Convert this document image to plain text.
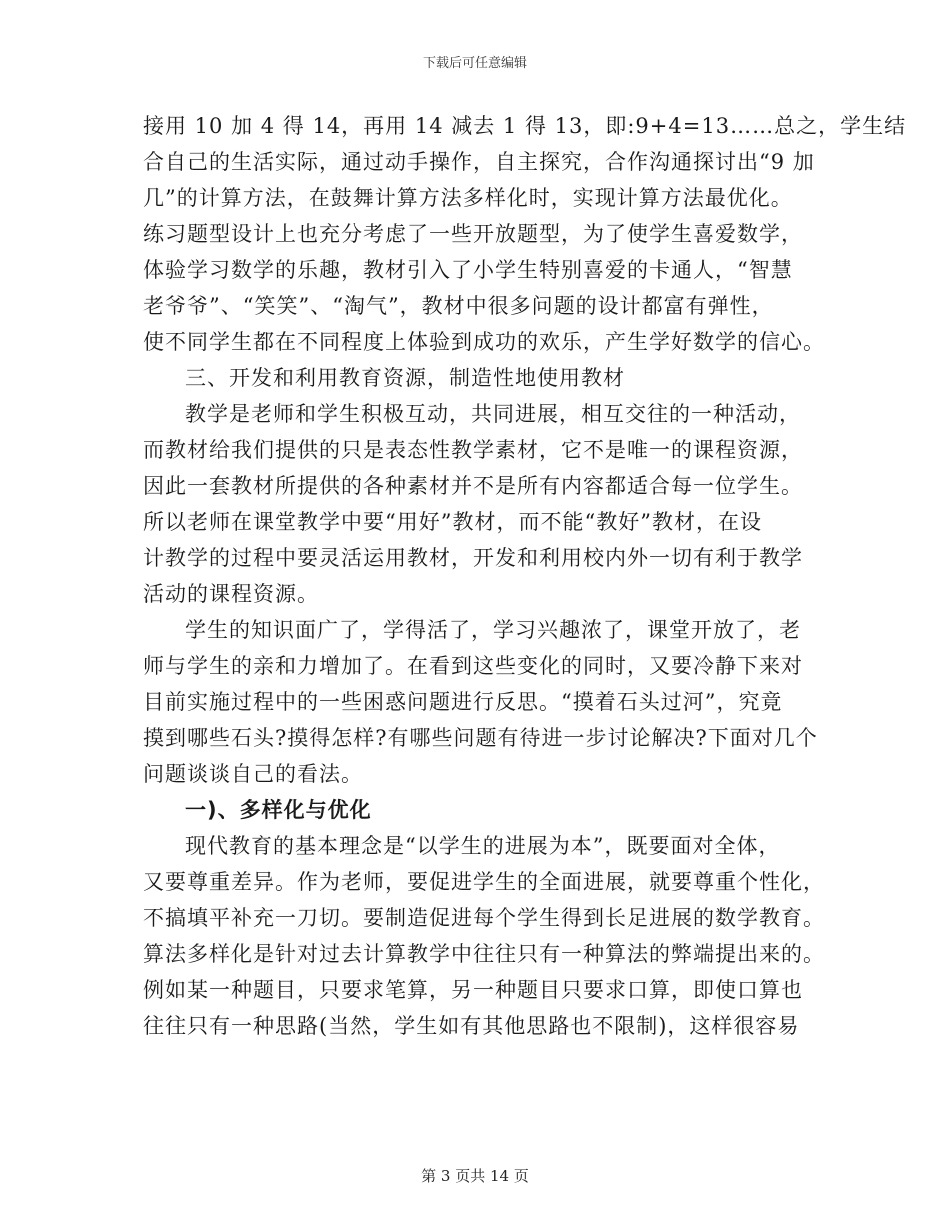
下载后可任意编辑
接用 10 加 4 得 14，再用 14 减去 1 得 13，即:9+4=13……总之，学生结
合自己的生活实际，通过动手操作，自主探究，合作沟通探讨出“9 加
几”的计算方法，在鼓舞计算方法多样化时，实现计算方法最优化。
练习题型设计上也充分考虑了一些开放题型，为了使学生喜爱数学，
体验学习数学的乐趣，教材引入了小学生特别喜爱的卡通人，“智慧
老爷爷”、“笑笑”、“淘气”，教材中很多问题的设计都富有弹性，
使不同学生都在不同程度上体验到成功的欢乐，产生学好数学的信心。
三、开发和利用教育资源，制造性地使用教材
教学是老师和学生积极互动，共同进展，相互交往的一种活动，
而教材给我们提供的只是表态性教学素材，它不是唯一的课程资源，
因此一套教材所提供的各种素材并不是所有内容都适合每一位学生。
所以老师在课堂教学中要“用好”教材，而不能“教好”教材，在设
计教学的过程中要灵活运用教材，开发和利用校内外一切有利于教学
活动的课程资源。
学生的知识面广了，学得活了，学习兴趣浓了，课堂开放了，老
师与学生的亲和力增加了。在看到这些变化的同时，又要冷静下来对
目前实施过程中的一些困惑问题进行反思。“摸着石头过河”，究竟
摸到哪些石头?摸得怎样?有哪些问题有待进一步讨论解决?下面对几个
问题谈谈自己的看法。
一)、多样化与优化
现代教育的基本理念是“以学生的进展为本”，既要面对全体，
又要尊重差异。作为老师，要促进学生的全面进展，就要尊重个性化，
不搞填平补充一刀切。要制造促进每个学生得到长足进展的数学教育。
算法多样化是针对过去计算教学中往往只有一种算法的弊端提出来的。
例如某一种题目，只要求笔算，另一种题目只要求口算，即使口算也
往往只有一种思路(当然，学生如有其他思路也不限制)，这样很容易
第 3 页共 14 页
